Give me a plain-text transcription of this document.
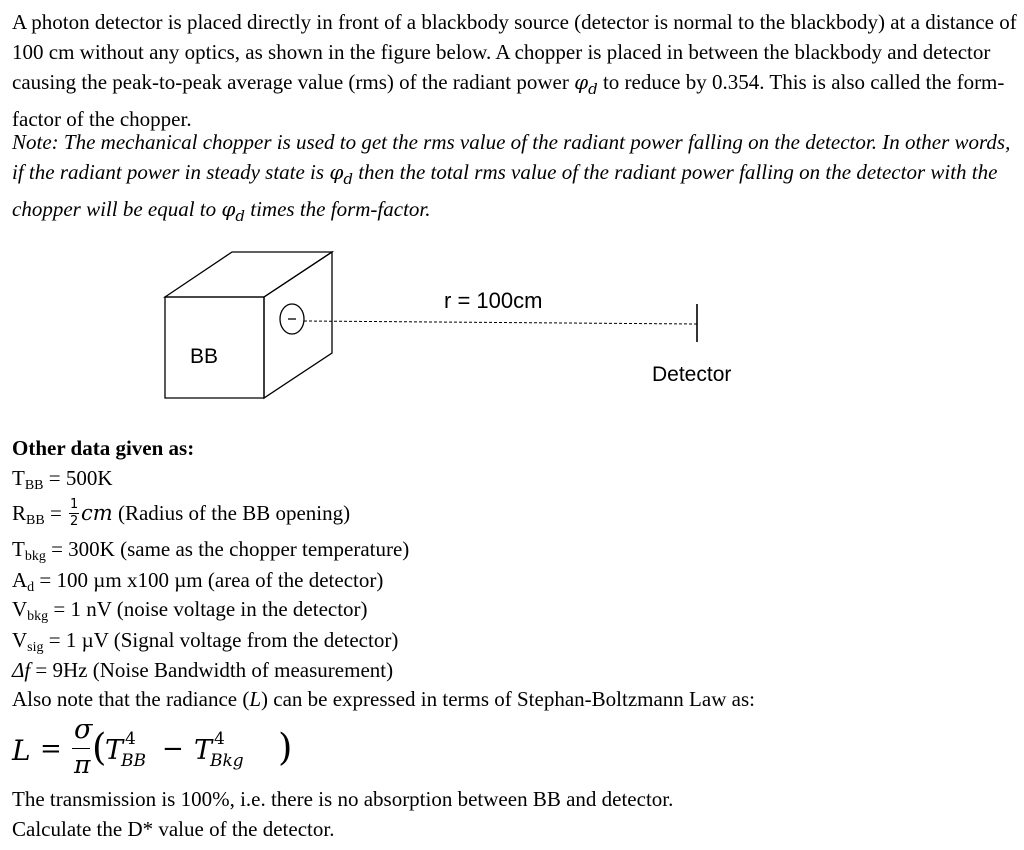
A photon detector is placed directly in front of a blackbody source (detector is normal to the blackbody) at a distance of 100 cm without any optics, as shown in the figure below. A chopper is placed in between the blackbody and detector causing the peak-to-peak average value (rms) of the radiant power $\varphi_d$ to reduce by 0.354. This is also called the form-factor of the chopper.

Note: The mechanical chopper is used to get the rms value of the radiant power falling on the detector. In other words, if the radiant power in steady state is $\varphi_d$ then the total rms value of the radiant power falling on the detector with the chopper will be equal to $\varphi_d$ times the form-factor.

r = 100cm
BB
Detector
Other data given as:
TBB = 500K
RBB = $\frac{1}{2}$ cm (Radius of the BB opening)
Tbkg = 300K (same as the chopper temperature)
Ad = 100 µm x100 µm (area of the detector)
Vbkg = 1 nV (noise voltage in the detector)
Vsig = 1 µV (Signal voltage from the detector)
Δf = 9Hz (Noise Bandwidth of measurement)
Also note that the radiance (L) can be expressed in terms of Stephan-Boltzmann Law as:
L =
σ
π (
T 4
BB − T 4
Bkg )
The transmission is 100%, i.e. there is no absorption between BB and detector.
Calculate the D* value of the detector.
